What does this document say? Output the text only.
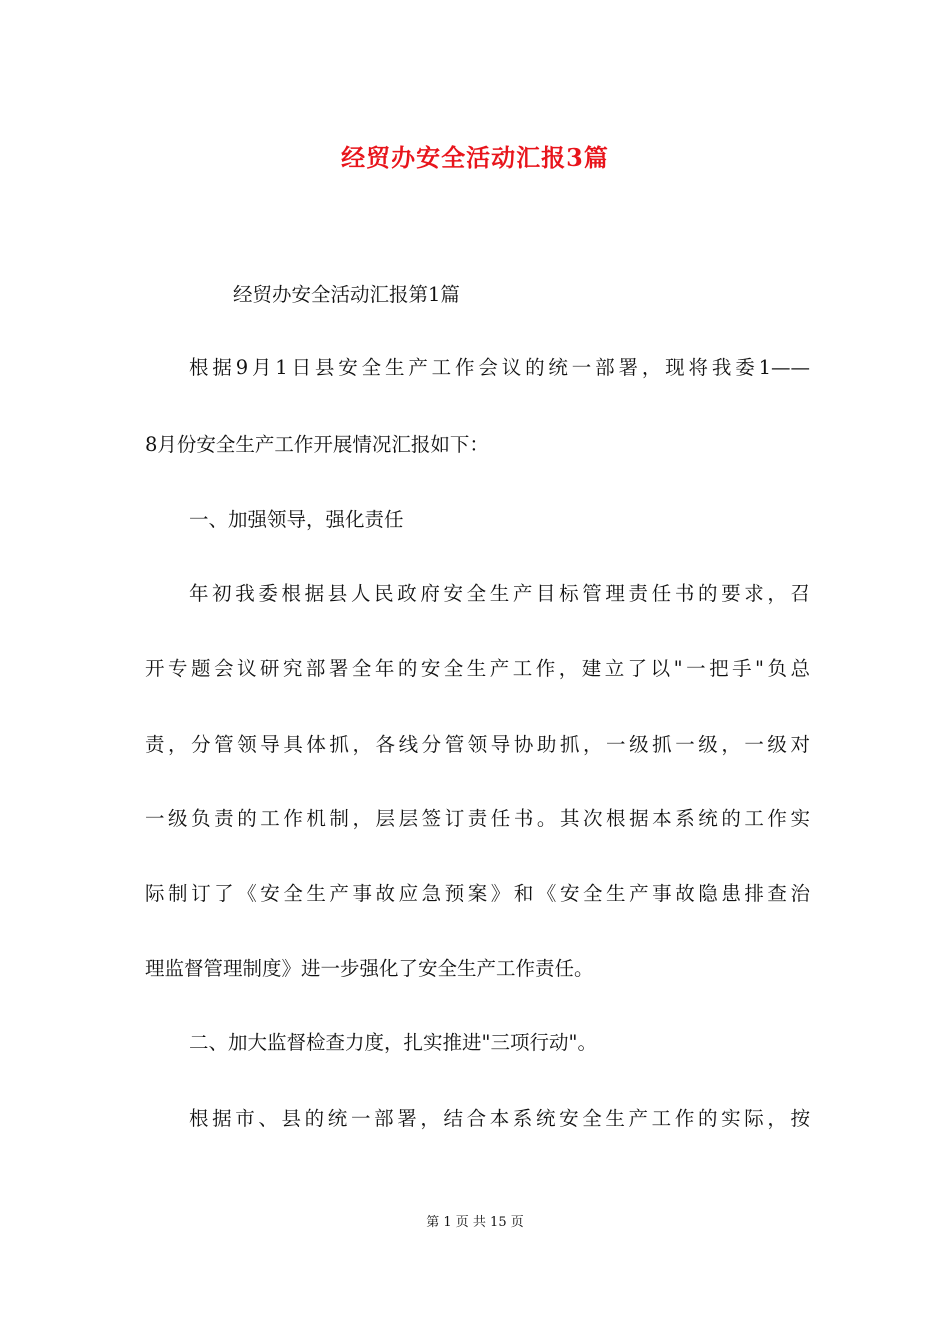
经贸办安全活动汇报3篇

经贸办安全活动汇报第1篇

根据9月1日县安全生产工作会议的统一部署，现将我委1——

8月份安全生产工作开展情况汇报如下：

一、加强领导，强化责任

年初我委根据县人民政府安全生产目标管理责任书的要求，召

开专题会议研究部署全年的安全生产工作，建立了以"一把手"负总

责，分管领导具体抓，各线分管领导协助抓，一级抓一级，一级对

一级负责的工作机制，层层签订责任书。其次根据本系统的工作实

际制订了《安全生产事故应急预案》和《安全生产事故隐患排查治

理监督管理制度》进一步强化了安全生产工作责任。

二、加大监督检查力度，扎实推进"三项行动"。

根据市、县的统一部署，结合本系统安全生产工作的实际，按

第 1 页 共 15 页
